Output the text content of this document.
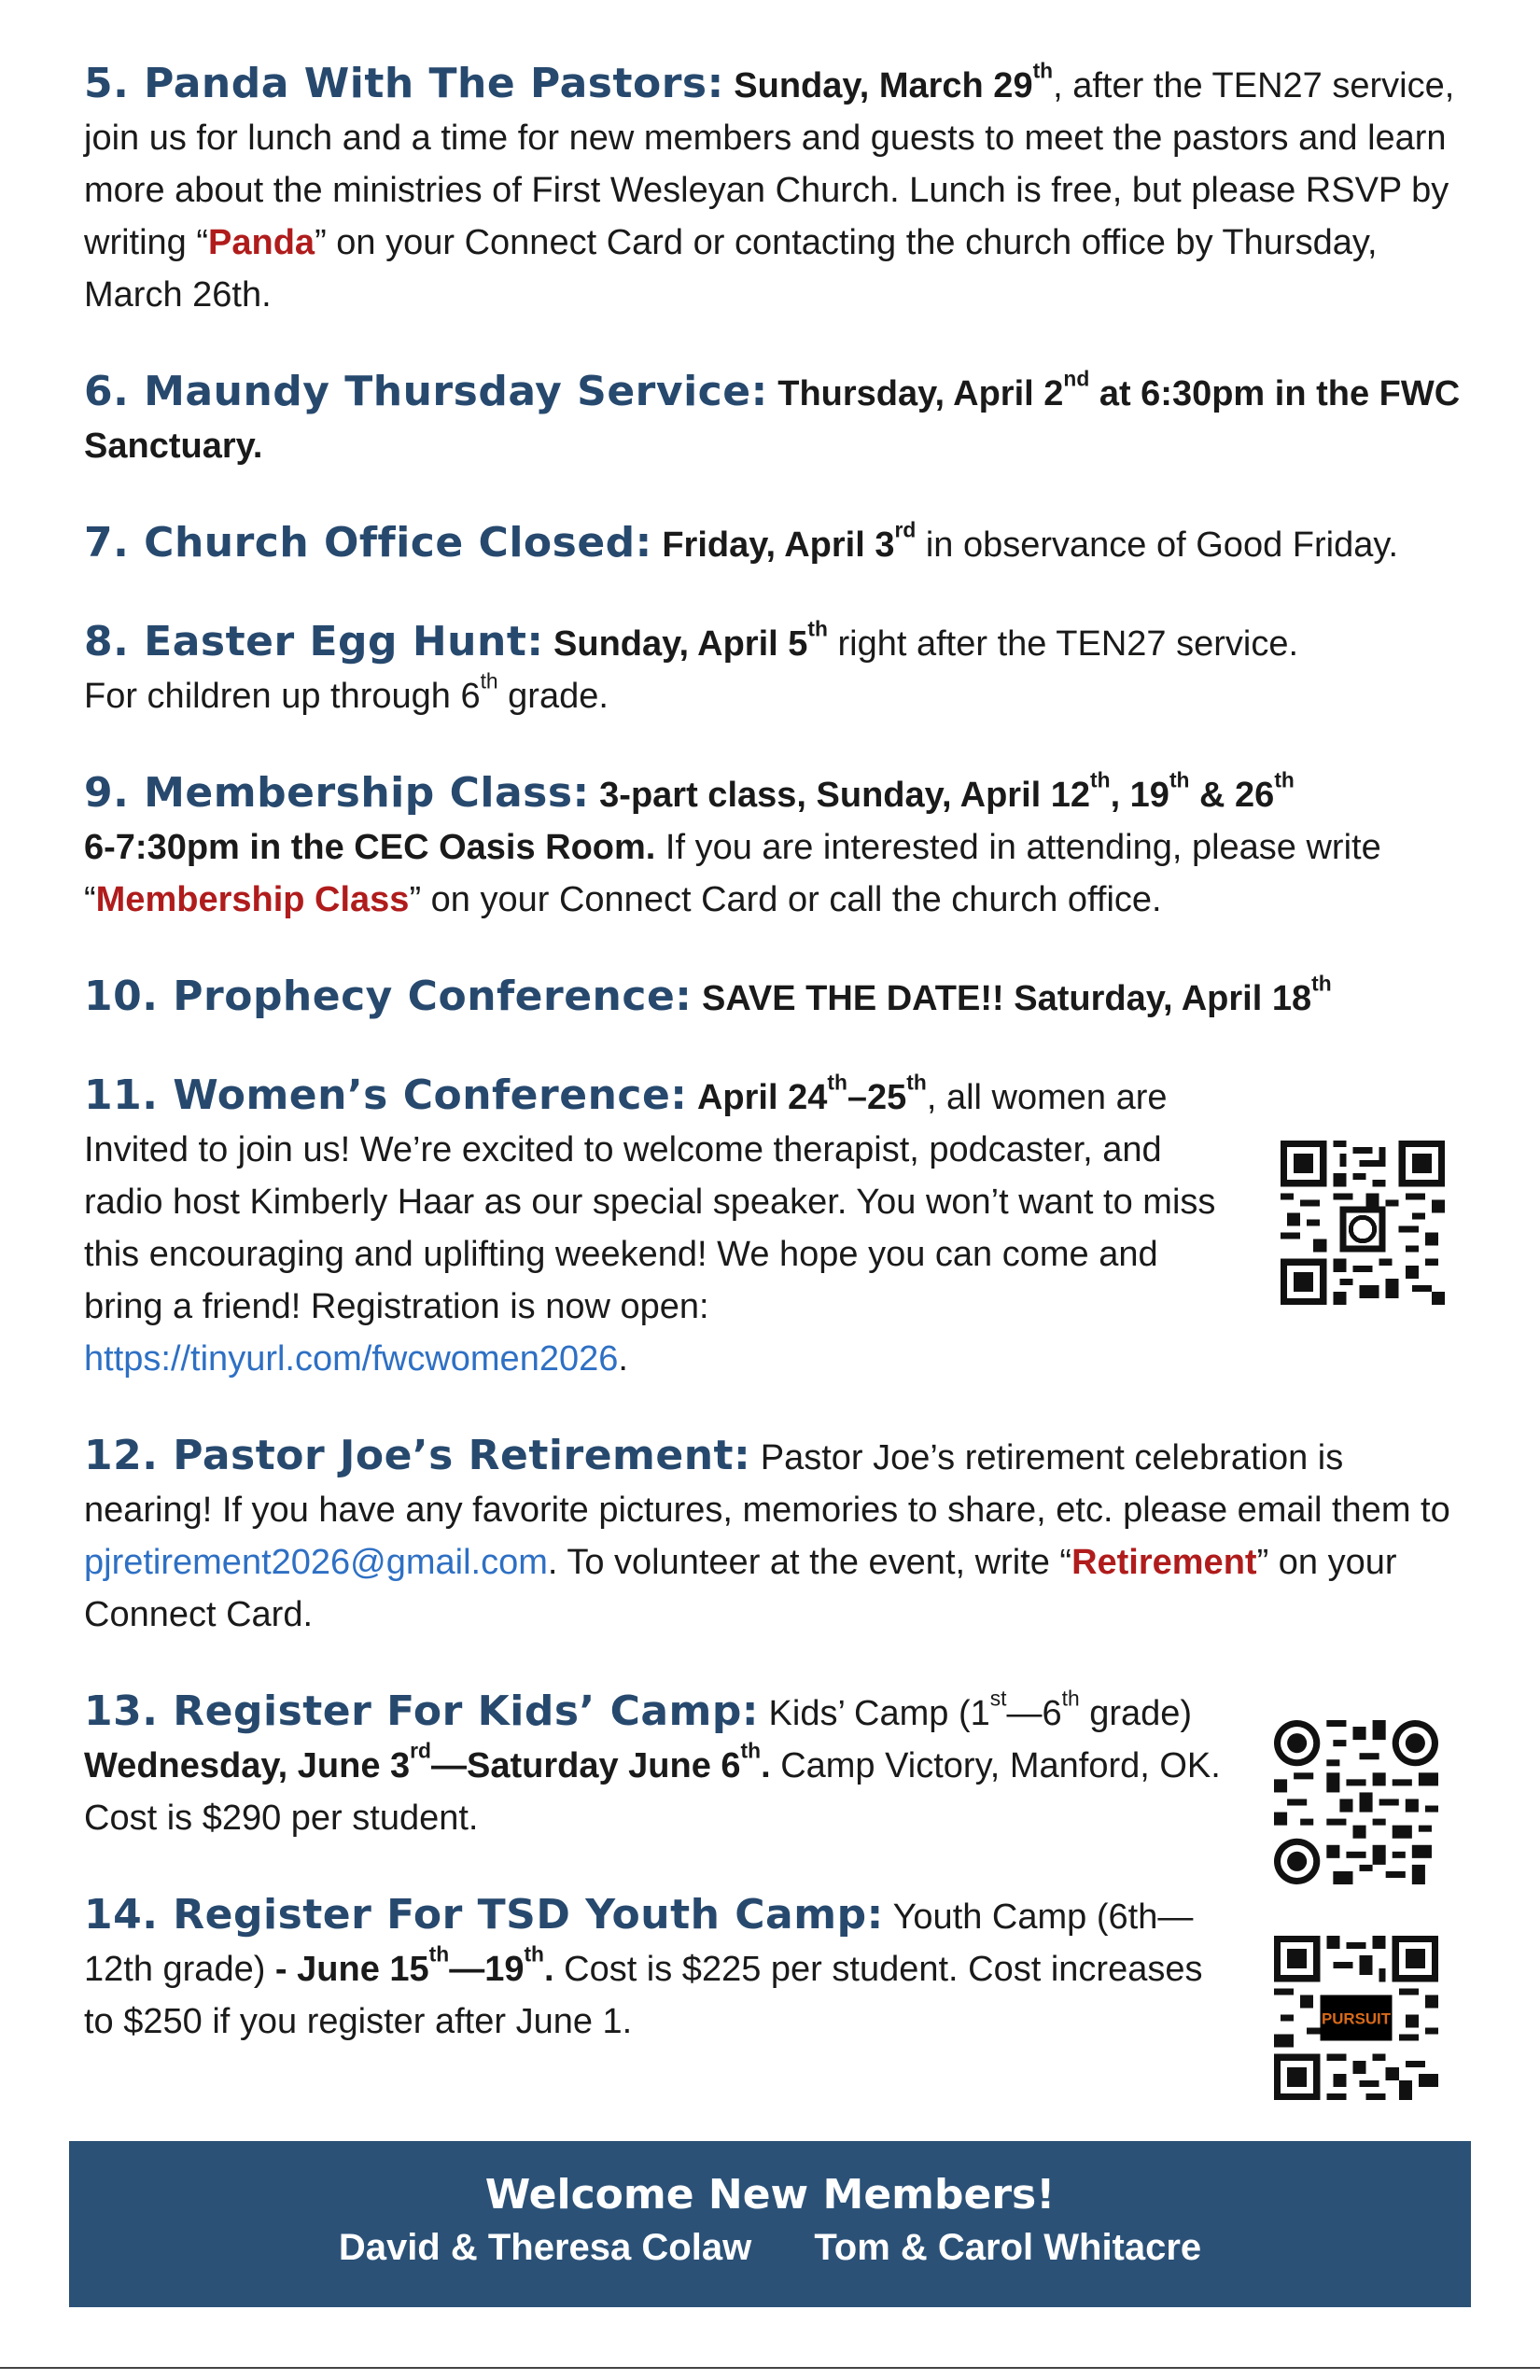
5. Panda With The Pastors: Sunday, March 29th, after the TEN27 service, join us for lunch and a time for new members and guests to meet the pastors and learn more about the ministries of First Wesleyan Church. Lunch is free, but please RSVP by writing “Panda” on your Connect Card or contacting the church office by Thursday, March 26th.
6. Maundy Thursday Service: Thursday, April 2nd at 6:30pm in the FWC Sanctuary.
7. Church Office Closed: Friday, April 3rd in observance of Good Friday.
8. Easter Egg Hunt: Sunday, April 5th right after the TEN27 service.
For children up through 6th grade.
9. Membership Class: 3-part class, Sunday, April 12th, 19th & 26th
6-7:30pm in the CEC Oasis Room. If you are interested in attending, please write “Membership Class” on your Connect Card or call the church office.
10. Prophecy Conference: SAVE THE DATE!! Saturday, April 18th
11. Women’s Conference: April 24th–25th, all women are Invited to join us! We’re excited to welcome therapist, podcaster, and radio host Kimberly Haar as our special speaker. You won’t want to miss this encouraging and uplifting weekend! We hope you can come and bring a friend! Registration is now open:
https://tinyurl.com/fwcwomen2026.
12. Pastor Joe’s Retirement: Pastor Joe’s retirement celebration is nearing! If you have any favorite pictures, memories to share, etc. please email them to pjretirement2026@gmail.com. To volunteer at the event, write “Retirement” on your Connect Card.
13. Register For Kids’ Camp: Kids’ Camp (1st—6th grade)
Wednesday, June 3rd—Saturday June 6th. Camp Victory, Manford, OK. Cost is $290 per student.
14. Register For TSD Youth Camp: Youth Camp (6th—12th grade) - June 15th—19th. Cost is $225 per student. Cost increases to $250 if you register after June 1.	PURSUIT
Welcome New Members!
David & Theresa Colaw Tom & Carol Whitacre
